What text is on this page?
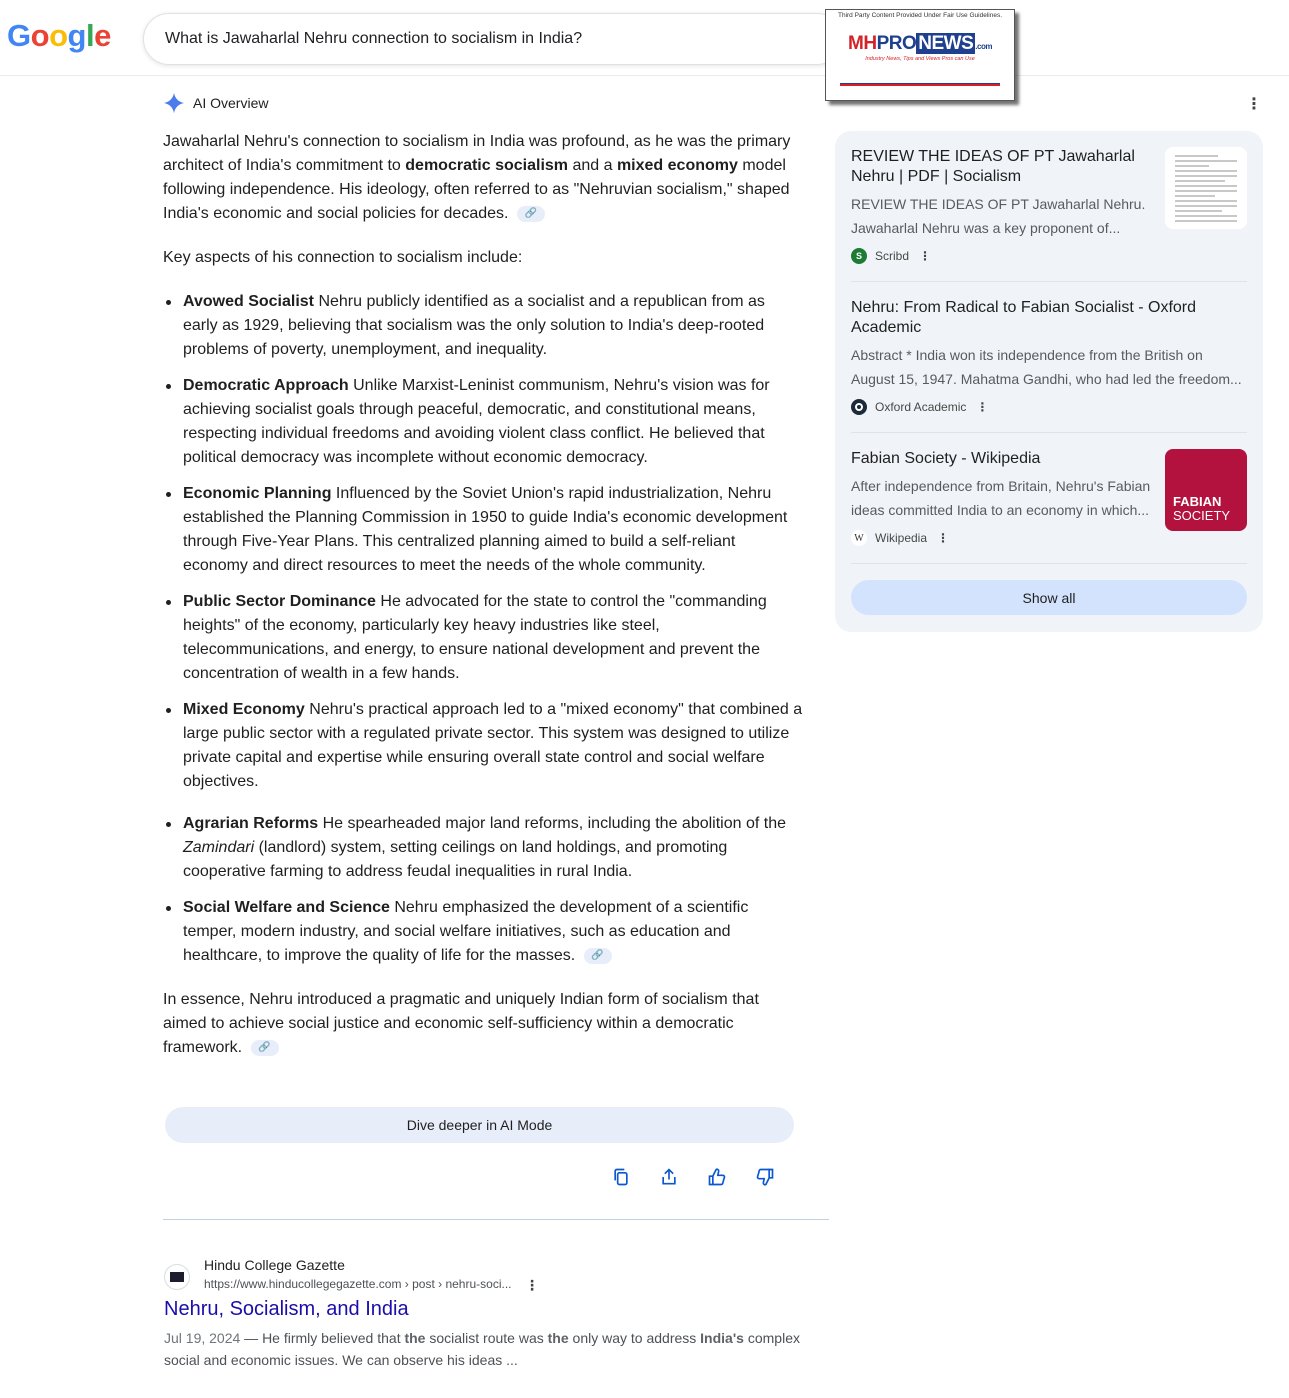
Google	What is Jawaharlal Nehru connection to socialism in India?
Third Party Content Provided Under Fair Use Guidelines.
MHPRO NEWS .com
Industry News, Tips and Views Pros can Use
⋮
AI Overview

Jawaharlal Nehru's connection to socialism in India was profound, as he was the primary architect of India's commitment to democratic socialism and a mixed economy model following independence. His ideology, often referred to as "Nehruvian socialism," shaped India's economic and social policies for decades. 🔗

Key aspects of his connection to socialism include:

Avowed Socialist Nehru publicly identified as a socialist and a republican from as early as 1929, believing that socialism was the only solution to India's deep-rooted problems of poverty, unemployment, and inequality.
Democratic Approach Unlike Marxist-Leninist communism, Nehru's vision was for achieving socialist goals through peaceful, democratic, and constitutional means, respecting individual freedoms and avoiding violent class conflict. He believed that political democracy was incomplete without economic democracy.
Economic Planning Influenced by the Soviet Union's rapid industrialization, Nehru established the Planning Commission in 1950 to guide India's economic development through Five-Year Plans. This centralized planning aimed to build a self-reliant economy and direct resources to meet the needs of the whole community.
Public Sector Dominance He advocated for the state to control the "commanding heights" of the economy, particularly key heavy industries like steel, telecommunications, and energy, to ensure national development and prevent the concentration of wealth in a few hands.
Mixed Economy Nehru's practical approach led to a "mixed economy" that combined a large public sector with a regulated private sector. This system was designed to utilize private capital and expertise while ensuring overall state control and social welfare objectives.
Agrarian Reforms He spearheaded major land reforms, including the abolition of the Zamindari (landlord) system, setting ceilings on land holdings, and promoting cooperative farming to address feudal inequalities in rural India.
Social Welfare and Science Nehru emphasized the development of a scientific temper, modern industry, and social welfare initiatives, such as education and healthcare, to improve the quality of life for the masses. 🔗

In essence, Nehru introduced a pragmatic and uniquely Indian form of socialism that aimed to achieve social justice and economic self-sufficiency within a democratic framework. 🔗

Dive deeper in AI Mode
Hindu College Gazette
https://www.hinducollegegazette.com › post › nehru-soci... ⋮
Nehru, Socialism, and India
Jul 19, 2024 — He firmly believed that the socialist route was the only way to address India's complex social and economic issues. We can observe his ideas ...
REVIEW THE IDEAS OF PT Jawaharlal Nehru | PDF | Socialism
REVIEW THE IDEAS OF PT Jawaharlal Nehru. Jawaharlal Nehru was a key proponent of...
S	Scribd ⋮
Nehru: From Radical to Fabian Socialist - Oxford Academic
Abstract * India won its independence from the British on August 15, 1947. Mahatma Gandhi, who had led the freedom...
Oxford Academic ⋮
Fabian Society - Wikipedia
After independence from Britain, Nehru's Fabian ideas committed India to an economy in which...
W Wikipedia ⋮
FABIAN
SOCIETY
Show all
